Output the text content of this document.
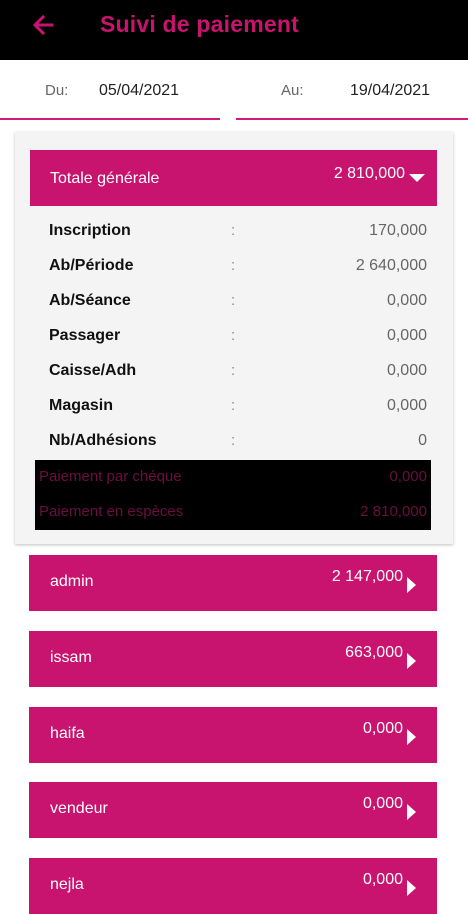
Suivi de paiement
Du: 05/04/2021	Au:	19/04/2021
Totale générale	2 810,000
Inscription	:	170,000
Ab/Période	:	2 640,000
Ab/Séance	:	0,000
Passager	:	0,000
Caisse/Adh	:	0,000
Magasin	:	0,000
Nb/Adhésions	:	0
Paiement par chéque	0,000
Paiement en espèces	2 810,000
admin	2 147,000
issam	663,000
haifa	0,000
vendeur	0,000
nejla	0,000
